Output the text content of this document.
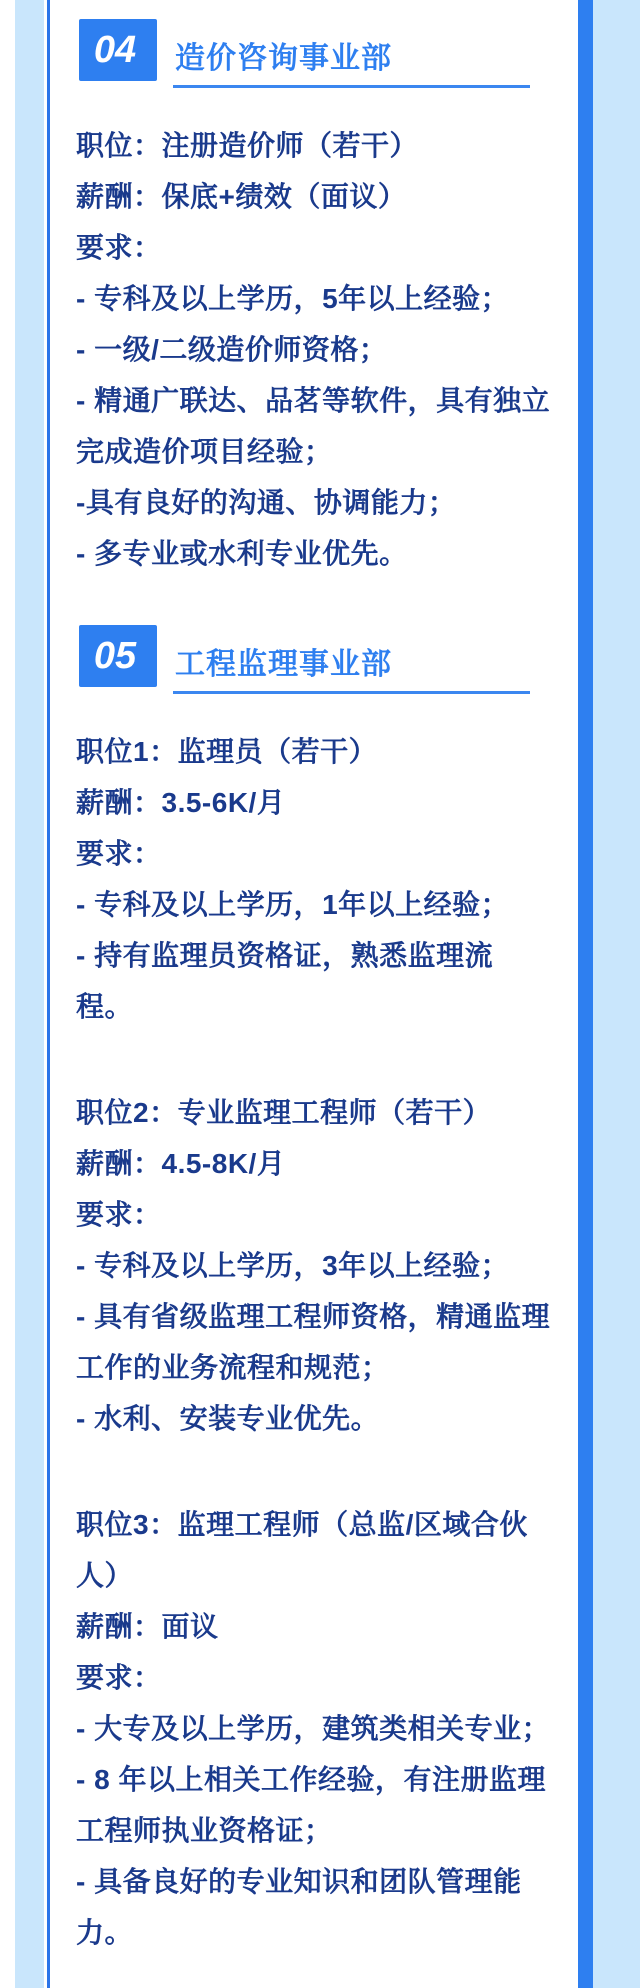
04 造价咨询事业部
职位：注册造价师（若干）
薪酬：保底+绩效（面议）
要求：
- 专科及以上学历，5年以上经验；
- 一级/二级造价师资格；
- 精通广联达、品茗等软件，具有独立
完成造价项目经验；
-具有良好的沟通、协调能力；
- 多专业或水利专业优先。
05 工程监理事业部
职位1：监理员（若干）
薪酬：3.5-6K/月
要求：
- 专科及以上学历，1年以上经验；
- 持有监理员资格证，熟悉监理流
程。
职位2：专业监理工程师（若干）
薪酬：4.5-8K/月
要求：
- 专科及以上学历，3年以上经验；
- 具有省级监理工程师资格，精通监理
工作的业务流程和规范；
- 水利、安装专业优先。
职位3：监理工程师（总监/区域合伙
人）
薪酬：面议
要求：
- 大专及以上学历，建筑类相关专业；
- 8 年以上相关工作经验，有注册监理
工程师执业资格证；
- 具备良好的专业知识和团队管理能
力。
